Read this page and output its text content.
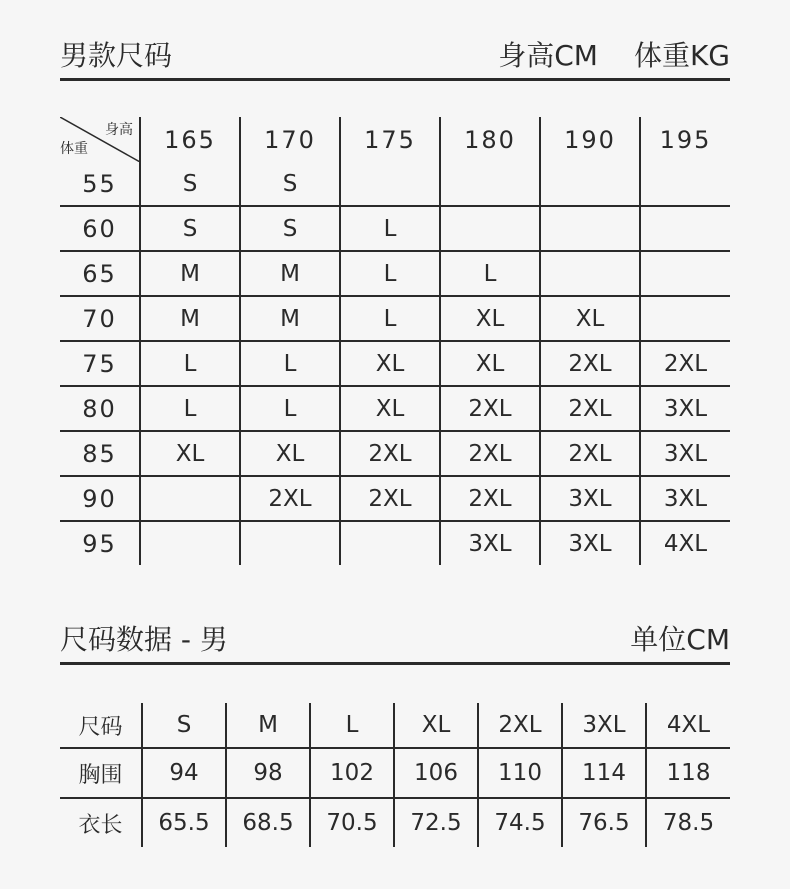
男款尺码	身高CM 体重KG
身高
体重	165	170	175	180	190	195
55	S	S				
60	S	S	L			
65	M	M	L	L		
70	M	M	L	XL	XL	
75	L	L	XL	XL	2XL	2XL
80	L	L	XL	2XL	2XL	3XL
85	XL	XL	2XL	2XL	2XL	3XL
90		2XL	2XL	2XL	3XL	3XL
95				3XL	3XL	4XL
尺码数据 - 男	单位CM
尺码	S	M	L	XL	2XL	3XL	4XL
胸围	94	98	102	106	110	114	118
衣长	65.5	68.5	70.5	72.5	74.5	76.5	78.5
